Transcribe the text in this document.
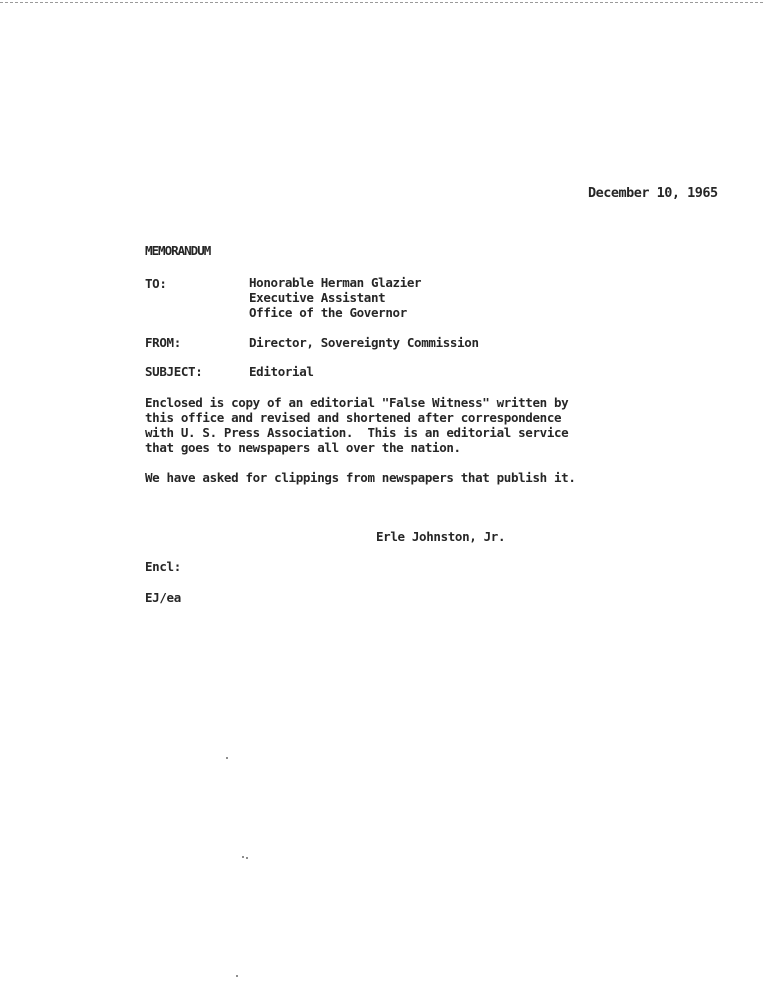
December 10, 1965
MEMORANDUM
TO:	Honorable Herman Glazier
Executive Assistant
Office of the Governor
FROM:	Director, Sovereignty Commission
SUBJECT:	Editorial
Enclosed is copy of an editorial "False Witness" written by
this office and revised and shortened after correspondence
with U. S. Press Association.  This is an editorial service
that goes to newspapers all over the nation.
We have asked for clippings from newspapers that publish it.
Erle Johnston, Jr.
Encl:
EJ/ea
